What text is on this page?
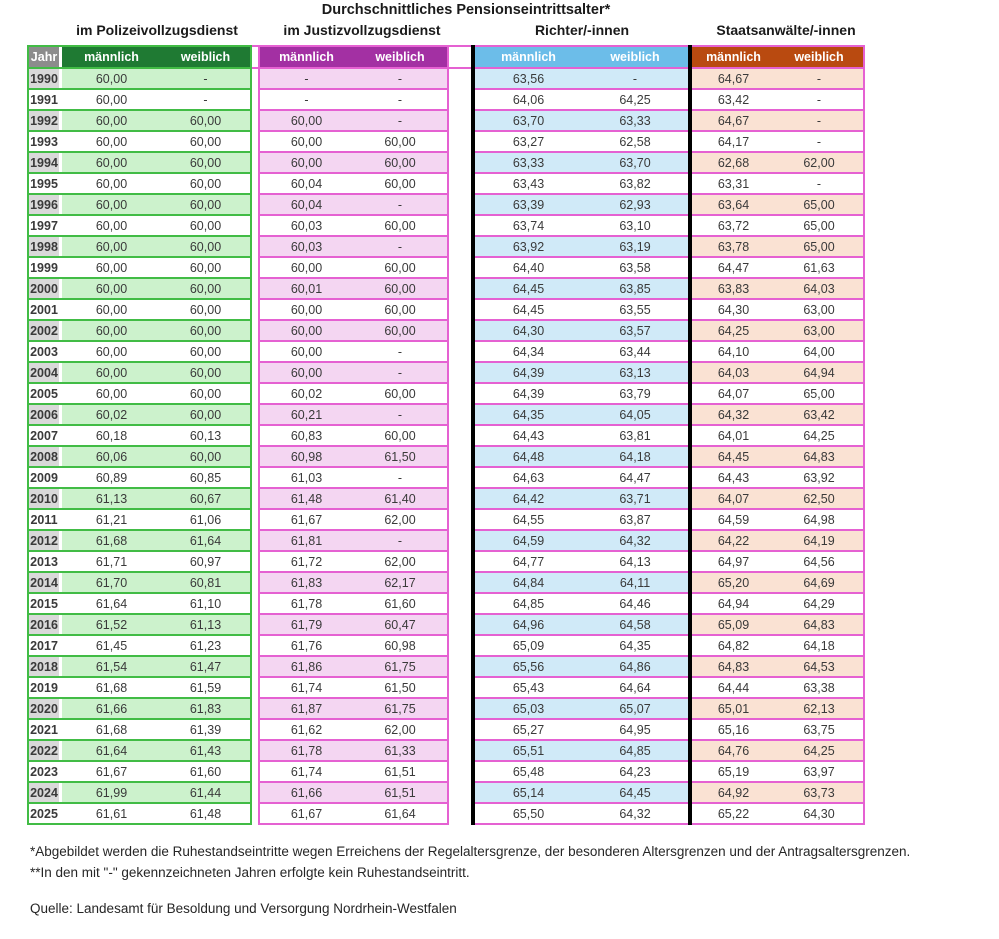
Durchschnittliches Pensionseintrittsalter*
im Polizeivollzugsdienst	im Justizvollzugsdienst	Richter/-innen	Staatsanwälte/-innen
Jahr		männlich	weiblich		männlich	weiblich		männlich	weiblich	männlich	weiblich
1990		60,00	-		-	-		63,56	-	64,67	-
1991		60,00	-		-	-		64,06	64,25	63,42	-
1992		60,00	60,00		60,00	-		63,70	63,33	64,67	-
1993		60,00	60,00		60,00	60,00		63,27	62,58	64,17	-
1994		60,00	60,00		60,00	60,00		63,33	63,70	62,68	62,00
1995		60,00	60,00		60,04	60,00		63,43	63,82	63,31	-
1996		60,00	60,00		60,04	-		63,39	62,93	63,64	65,00
1997		60,00	60,00		60,03	60,00		63,74	63,10	63,72	65,00
1998		60,00	60,00		60,03	-		63,92	63,19	63,78	65,00
1999		60,00	60,00		60,00	60,00		64,40	63,58	64,47	61,63
2000		60,00	60,00		60,01	60,00		64,45	63,85	63,83	64,03
2001		60,00	60,00		60,00	60,00		64,45	63,55	64,30	63,00
2002		60,00	60,00		60,00	60,00		64,30	63,57	64,25	63,00
2003		60,00	60,00		60,00	-		64,34	63,44	64,10	64,00
2004		60,00	60,00		60,00	-		64,39	63,13	64,03	64,94
2005		60,00	60,00		60,02	60,00		64,39	63,79	64,07	65,00
2006		60,02	60,00		60,21	-		64,35	64,05	64,32	63,42
2007		60,18	60,13		60,83	60,00		64,43	63,81	64,01	64,25
2008		60,06	60,00		60,98	61,50		64,48	64,18	64,45	64,83
2009		60,89	60,85		61,03	-		64,63	64,47	64,43	63,92
2010		61,13	60,67		61,48	61,40		64,42	63,71	64,07	62,50
2011		61,21	61,06		61,67	62,00		64,55	63,87	64,59	64,98
2012		61,68	61,64		61,81	-		64,59	64,32	64,22	64,19
2013		61,71	60,97		61,72	62,00		64,77	64,13	64,97	64,56
2014		61,70	60,81		61,83	62,17		64,84	64,11	65,20	64,69
2015		61,64	61,10		61,78	61,60		64,85	64,46	64,94	64,29
2016		61,52	61,13		61,79	60,47		64,96	64,58	65,09	64,83
2017		61,45	61,23		61,76	60,98		65,09	64,35	64,82	64,18
2018		61,54	61,47		61,86	61,75		65,56	64,86	64,83	64,53
2019		61,68	61,59		61,74	61,50		65,43	64,64	64,44	63,38
2020		61,66	61,83		61,87	61,75		65,03	65,07	65,01	62,13
2021		61,68	61,39		61,62	62,00		65,27	64,95	65,16	63,75
2022		61,64	61,43		61,78	61,33		65,51	64,85	64,76	64,25
2023		61,67	61,60		61,74	61,51		65,48	64,23	65,19	63,97
2024		61,99	61,44		61,66	61,51		65,14	64,45	64,92	63,73
2025		61,61	61,48		61,67	61,64		65,50	64,32	65,22	64,30
*Abgebildet werden die Ruhestandseintritte wegen Erreichens der Regelaltersgrenze, der besonderen Altersgrenzen und der Antragsaltersgrenzen.
**In den mit "-" gekennzeichneten Jahren erfolgte kein Ruhestandseintritt.
Quelle: Landesamt für Besoldung und Versorgung Nordrhein-Westfalen
